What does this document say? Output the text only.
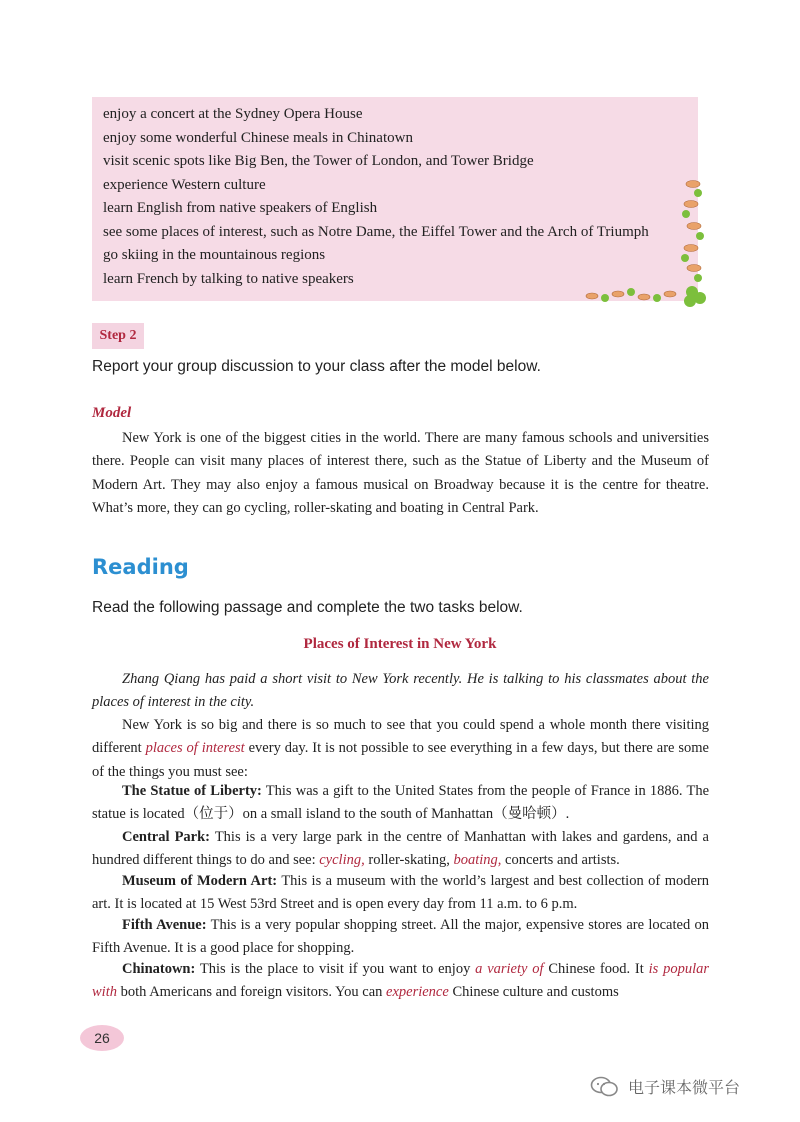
enjoy a concert at the Sydney Opera House
enjoy some wonderful Chinese meals in Chinatown
visit scenic spots like Big Ben, the Tower of London, and Tower Bridge
experience Western culture
learn English from native speakers of English
see some places of interest, such as Notre Dame, the Eiffel Tower and the Arch of Triumph
go skiing in the mountainous regions
learn French by talking to native speakers
Step 2
Report your group discussion to your class after the model below.
Model

New York is one of the biggest cities in the world. There are many famous schools and universities there. People can visit many places of interest there, such as the Statue of Liberty and the Museum of Modern Art. They may also enjoy a famous musical on Broadway because it is the centre for theatre. What’s more, they can go cycling, roller-skating and boating in Central Park.

Reading
Read the following passage and complete the two tasks below.
Places of Interest in New York

Zhang Qiang has paid a short visit to New York recently. He is talking to his classmates about the places of interest in the city.

New York is so big and there is so much to see that you could spend a whole month there visiting different places of interest every day. It is not possible to see everything in a few days, but there are some of the things you must see:

The Statue of Liberty: This was a gift to the United States from the people of France in 1886. The statue is located（位于）on a small island to the south of Manhattan（曼哈顿）.

Central Park: This is a very large park in the centre of Manhattan with lakes and gardens, and a hundred different things to do and see: cycling, roller-skating, boating, concerts and artists.

Museum of Modern Art: This is a museum with the world’s largest and best collection of modern art. It is located at 15 West 53rd Street and is open every day from 11 a.m. to 6 p.m.

Fifth Avenue: This is a very popular shopping street. All the major, expensive stores are located on Fifth Avenue. It is a good place for shopping.

Chinatown: This is the place to visit if you want to enjoy a variety of Chinese food. It is popular with both Americans and foreign visitors. You can experience Chinese culture and customs

26
电子课本微平台
